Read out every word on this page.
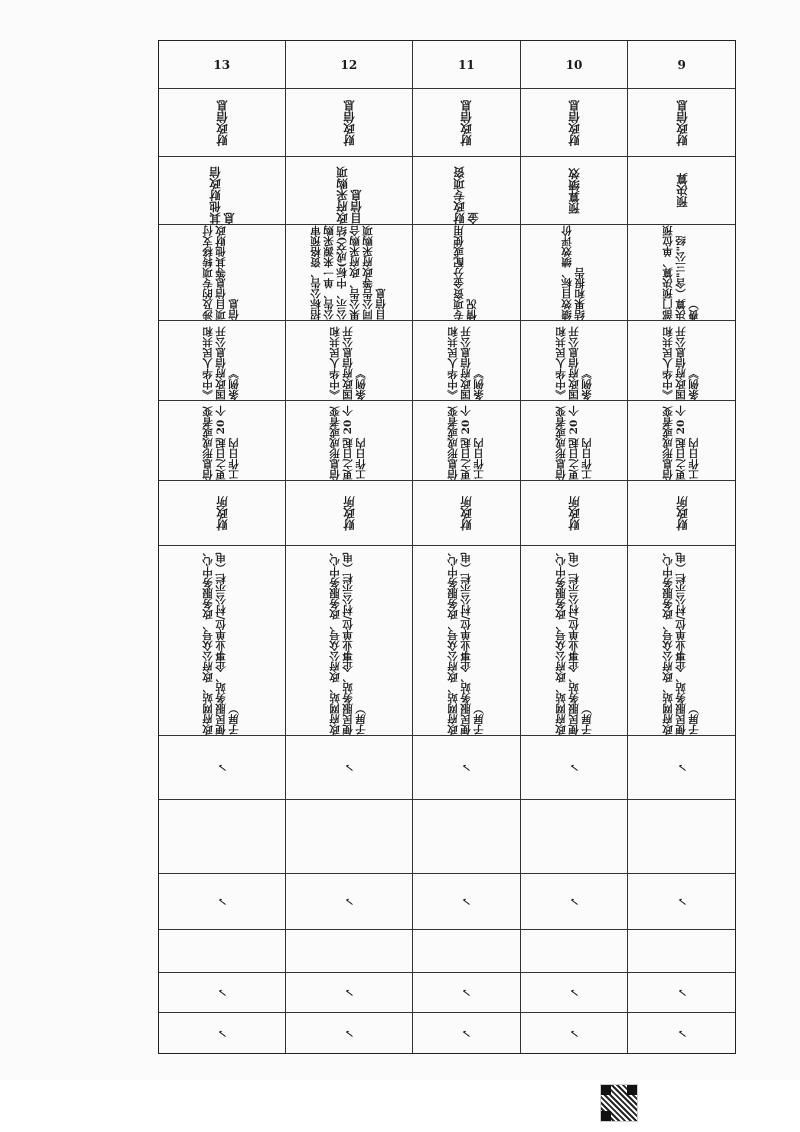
9
财政信息
预决算
部门预决算、单位预决算（含"三公"经费）
《中华人民共和国政府信息公开条例》
信息形成或者变更之日起 20 个工作日内
财政所
政府网站、政府公众号、政务服务中心、便民服务站、企事业单位/村公示栏（电子屏）
✓
✓
✓
✓
10
财政信息
预算绩效
绩效目标、绩效评价结果和报告
《中华人民共和国政府信息公开条例》
信息形成或者变更之日起 20 个工作日内
财政所
政府网站、政府公众号、政务服务中心、便民服务站、企事业单位/村公示栏（电子屏）
✓
✓
✓
✓
11
财政信息
财政专项资金
专项资金分配或使用情况
《中华人民共和国政府信息公开条例》
信息形成或者变更之日起 20 个工作日内
财政所
政府网站、政府公众号、政务服务中心、便民服务站、企事业单位/村公示栏（电子屏）
✓
✓
✓
✓
12
财政信息
政府采购项目信息
招标公告、资格预审公告、单一来源采购公示、中标(成交)结果公告、政府采购合同公告等政府采购项目信息
《中华人民共和国政府信息公开条例》
信息形成或者变更之日起 20 个工作日内
财政所
政府网站、政府公众号、政务服务中心、便民服务站、企事业单位/村公示栏（电子屏）
✓
✓
✓
✓
13
财政信息
其他财政信息
涉及的专项转移支付项目信息等其他财政信息
《中华人民共和国政府信息公开条例》
信息形成或者变更之日起 20 个工作日内
财政所
政府网站、政府公众号、政务服务中心、便民服务站、企事业单位/村公示栏（电子屏）
✓
✓
✓
✓
